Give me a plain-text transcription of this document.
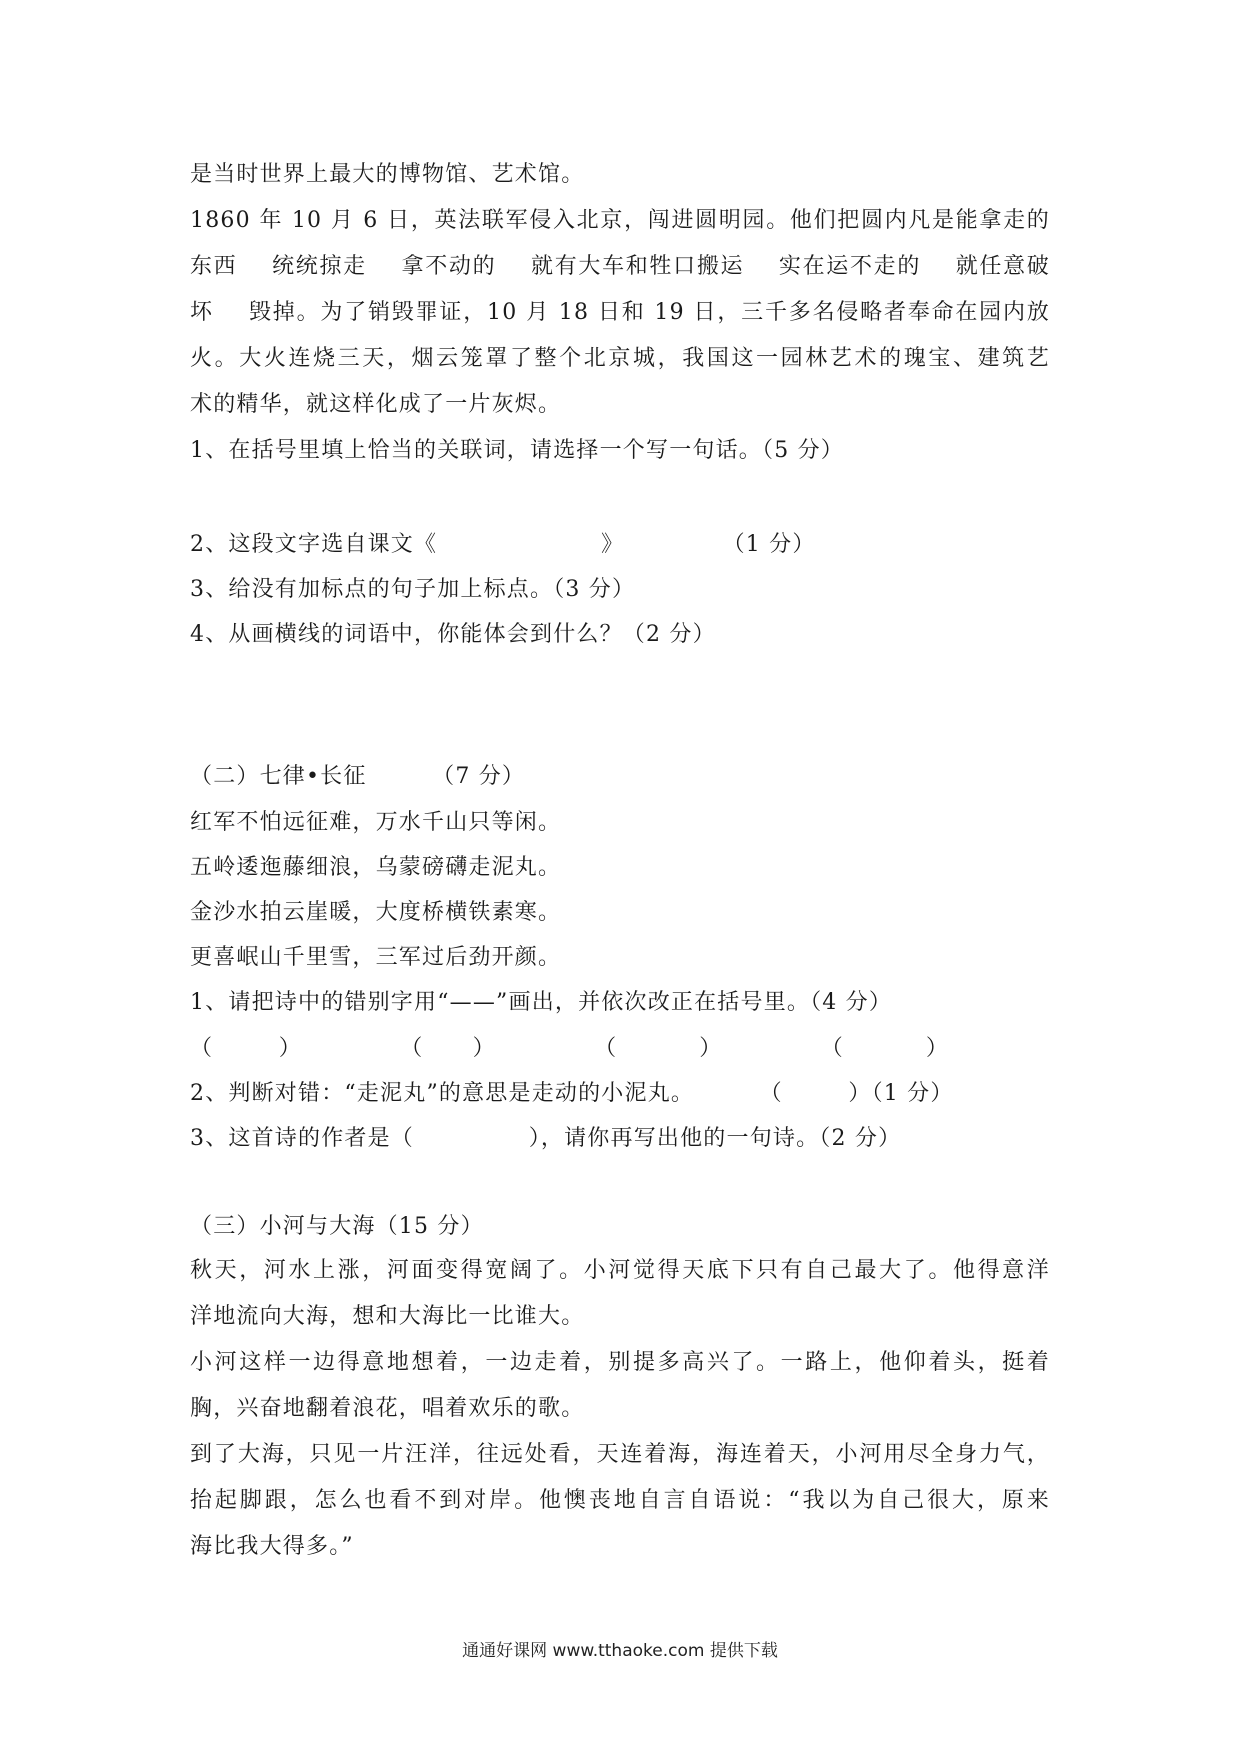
是当时世界上最大的博物馆、艺术馆。
1860 年 10 月 6 日，英法联军侵入北京，闯进圆明园。他们把圆内凡是能拿走的
东西    统统掠走    拿不动的    就有大车和牲口搬运    实在运不走的    就任意破
坏    毁掉。为了销毁罪证，10 月 18 日和 19 日，三千多名侵略者奉命在园内放
火。大火连烧三天，烟云笼罩了整个北京城，我国这一园林艺术的瑰宝、建筑艺
术的精华，就这样化成了一片灰烬。
1、在括号里填上恰当的关联词，请选择一个写一句话。（5 分）
2、这段文字选自课文《                    》            （1 分）
3、给没有加标点的句子加上标点。（3 分）
4、从画横线的词语中，你能体会到什么？（2 分）
（二）七律•长征        （7 分）
红军不怕远征难，万水千山只等闲。
五岭逶迤藤细浪，乌蒙磅礴走泥丸。
金沙水拍云崖暖，大度桥横铁素寒。
更喜岷山千里雪，三军过后劲开颜。
1、请把诗中的错别字用“——”画出，并依次改正在括号里。（4 分）
（        ）            （      ）            （          ）            （          ）
2、判断对错：“走泥丸”的意思是走动的小泥丸。        （        ）（1 分）
3、这首诗的作者是（              ），请你再写出他的一句诗。（2 分）
（三）小河与大海（15 分）
秋天，河水上涨，河面变得宽阔了。小河觉得天底下只有自己最大了。他得意洋
洋地流向大海，想和大海比一比谁大。
小河这样一边得意地想着，一边走着，别提多高兴了。一路上，他仰着头，挺着
胸，兴奋地翻着浪花，唱着欢乐的歌。
到了大海，只见一片汪洋，往远处看，天连着海，海连着天，小河用尽全身力气，
抬起脚跟，怎么也看不到对岸。他懊丧地自言自语说：“我以为自己很大，原来
海比我大得多。”
通通好课网 www.tthaoke.com 提供下载
